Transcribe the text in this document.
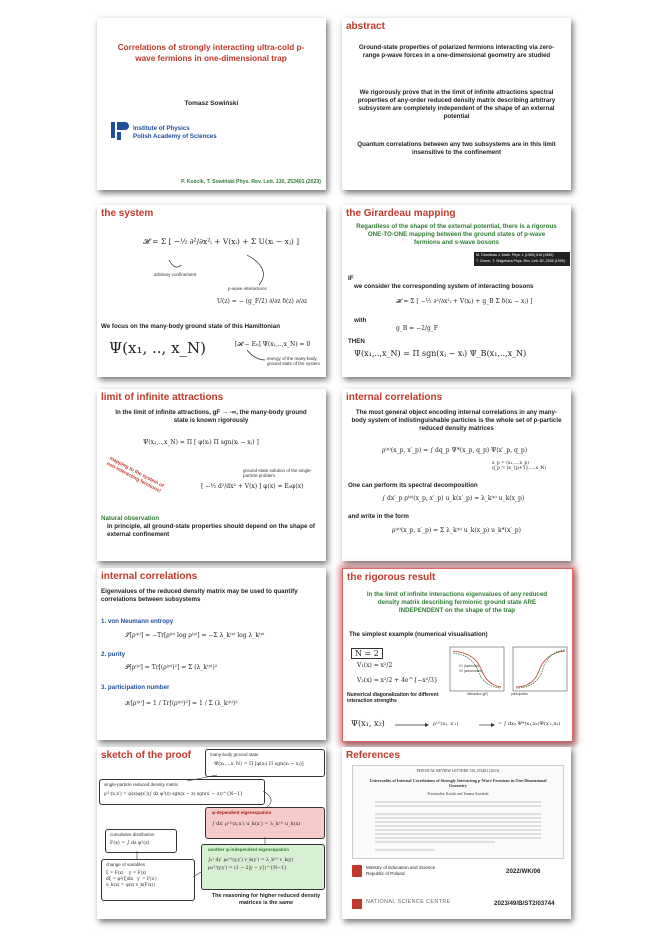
Correlations of strongly interacting ultra-cold p-wave fermions in one-dimensional trap
Tomasz Sowiński
Institute of Physics
Polish Academy of Sciences
P. Kościk, T. Sowiński Phys. Rev. Lett. 130, 253401 (2023)
abstract
Ground-state properties of polarized fermions interacting via zero-range p-wave forces in a one-dimensional geometry are studied
We rigorously prove that in the limit of infinite attractions spectral properties of any-order reduced density matrix describing arbitrary subsystem are completely independent of the shape of an external potential
Quantum correlations between any two subsystems are in this limit insensitive to the confinement
the system
𝓗 = Σ [ −½ ∂²/∂x²ᵢ + V(xᵢ) + Σ U(xᵢ − xⱼ) ]
arbitrary confinement
p-wave interactions
U(z) = − (g_F/2) ∂/∂z δ(z) ∂/∂z
We focus on the many-body ground state of this Hamiltonian
Ψ(x₁, .., x_N)	[𝓗 − E₀] Ψ(x₁,..,x_N) = 0
energy of the many-body ground state of the system
the Girardeau mapping
Regardless of the shape of the external potential, there is a rigorous ONE-TO-ONE mapping between the ground states of p-wave fermions and s-wave bosons
M. Girardeau J. Math. Phys. 1 (1960) 516 (1960)
T. Cheon, T. Shigehara Phys. Rev. Lett. 82, 2536 (1999)
IF
we consider the corresponding system of interacting bosons
𝓗 = Σ [ −½ ∂²/∂x²ᵢ + V(xᵢ) + g_B Σ δ(xᵢ − xⱼ) ]
with
g_B = −2/g_F
THEN
Ψ(x₁,..,x_N) = Π sgn(xⱼ − xᵢ) Ψ_B(x₁,..,x_N)
limit of infinite attractions
In the limit of infinite attractions, gF → -∞, the many-body ground state is known rigorously
Ψ(x₁,..,x_N) = Π [ φ(xᵢ) Π sgn(xᵢ − xⱼ) ]
mapping to the system of non-interacting fermions!	ground-state solution of the single-particle problem
[ −½ d²/dx² + V(x) ] φ(x) = E₀φ(x)
Natural observation
In principle, all ground-state properties should depend on the shape of external confinement
internal correlations
The most general object encoding internal correlations in any many-body system of indistinguishable particles is the whole set of p-particle reduced density matrices
ρ⁽ᵖ⁾(x_p, x′_p) = ∫ dq_p Ψ*(x_p, q_p) Ψ(x′_p, q_p)
x_p = (x₁,...,x_p)
q_p = (x_{p+1},...,x_N)
One can perform its spectral decomposition
∫ dx′_p ρ⁽ᵖ⁾(x_p, x′_p) u_k(x′_p) = λ_k⁽ᵖ⁾ u_k(x_p)
and write in the form
ρ⁽ᵖ⁾(x_p, x′_p) = Σ λ_k⁽ᵖ⁾ u_k(x_p) u_k*(x′_p)
internal correlations
Eigenvalues of the reduced density matrix may be used to quantify correlations between subsystems
1. von Neumann entropy
𝒮[ρ⁽ᵖ⁾] = −Tr[ρ⁽ᵖ⁾ log ρ⁽ᵖ⁾] = −Σ λ_k⁽ᵖ⁾ log λ_k⁽ᵖ⁾
2. purity
𝒫[ρ⁽ᵖ⁾] = Tr[(ρ⁽ᵖ⁾)²] = Σ (λ_k⁽ᵖ⁾)²
3. participation number
𝒦[ρ⁽ᵖ⁾] = 1 / Tr[(ρ⁽ᵖ⁾)²] = 1 / Σ (λ_k⁽ᵖ⁾)²
the rigorous result
In the limit of infinite interactions eigenvalues of any reduced density matrix describing fermionic ground state ARE INDEPENDENT on the shape of the trap
The simplest example (numerical visualisation)
N = 2
V₁(x) = x²/2
V₂(x) = x²/2 + 4e^{−x²/3}
Numerical diagonalization for different interaction strengths
V1 (harmonic)
V2 (anharmonic)
interaction |gF|	participation
Ψ(x₁, x₂)	ρ⁽¹⁾(x₁, x′₁)	= ∫ dx₂ Ψ*(x₁,x₂)Ψ(x′₁,x₂)
sketch of the proof	many-body ground state
Ψ(x₁,..,x_N) = Π [φ(xᵢ) Π sgn(xᵢ − xⱼ)]
single-particle reduced density matrix
ρ⁽¹⁾(x,x′) = φ(x)φ(x′)(∫ dz φ²(z) sgn(x − z) sgn(x′ − z))^{N−1}
cumulative distribution
F(x) = ∫ dz φ²(z)
change of variables
ξ = F(x)    y = F(x)
dξ = φ²(ξ)dx   y′ = F(x′)
u_k(x) = φ(x) v_k(F(x))
φ-dependent eigenequation
∫ dx′ ρ⁽¹⁾(x,x′) u_k(x′) = λ_k⁽¹⁾ u_k(x)
another φ-independent eigenequation
∫₀¹ dy′ ρ₀⁽¹⁾(y,y′) v_k(y′) = λ_k⁽¹⁾ v_k(y)
ρ₀⁽¹⁾(y,y′) = (1 − 2|y − y′|)^{N−1}
The reasoning for higher reduced density matrices is the same
References
PHYSICAL REVIEW LETTERS 130, 253401 (2023)
Universality of Internal Correlations of Strongly Interacting p-Wave Fermions in One-Dimensional Geometry
Przemysław Kościk and Tomasz Sowiński
Ministry of Education and Science
Republic of Poland	2022/WK/06
NATIONAL SCIENCE CENTRE	2023/49/B/ST2/03744
